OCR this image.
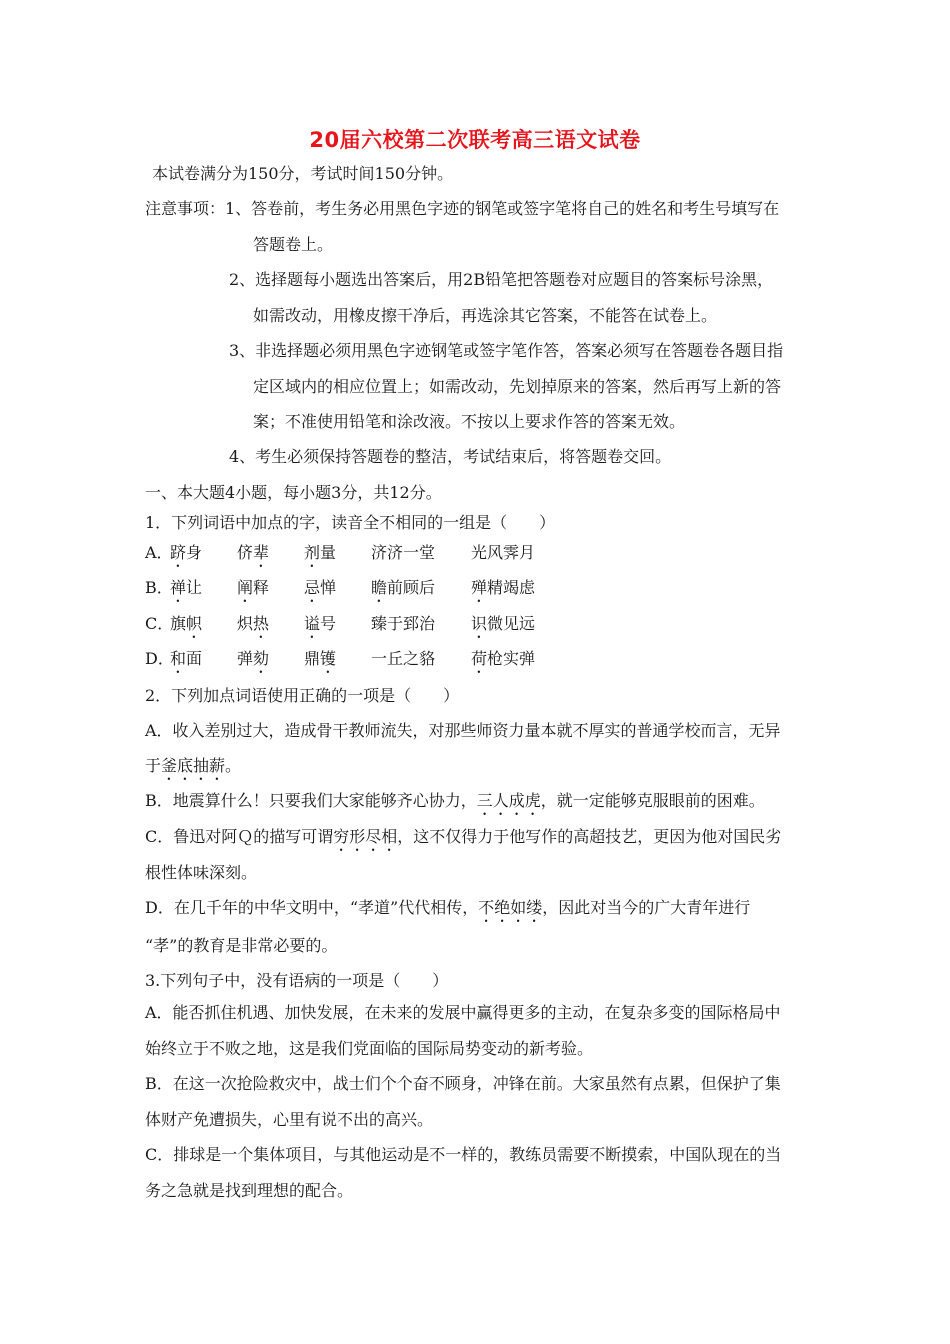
20届六校第二次联考高三语文试卷
本试卷满分为150分，考试时间150分钟。
注意事项：1、答卷前，考生务必用黑色字迹的钢笔或签字笔将自己的姓名和考生号填写在
答题卷上。
2、选择题每小题选出答案后，用2B铅笔把答题卷对应题目的答案标号涂黑，
如需改动，用橡皮擦干净后，再选涂其它答案，不能答在试卷上。
3、非选择题必须用黑色字迹钢笔或签字笔作答，答案必须写在答题卷各题目指
定区域内的相应位置上；如需改动，先划掉原来的答案，然后再写上新的答
案；不准使用铅笔和涂改液。不按以上要求作答的答案无效。
4、考生必须保持答题卷的整洁，考试结束后，将答题卷交回。
一、本大题4小题，每小题3分，共12分。
1．下列词语中加点的字，读音全不相同的一组是（　　）
A．
跻身 侪辈 剂量 济济一堂 光风霁月
B．
禅让 阐释 忌惮 瞻前顾后 殚精竭虑
C．
旗帜 炽热 谥号 臻于郅治 识微见远
D．
和面 弹劾 鼎镬 一丘之貉 荷枪实弹
2．下列加点词语使用正确的一项是（　　）
A．收入差别过大，造成骨干教师流失，对那些师资力量本就不厚实的普通学校而言，无异
于釜底抽薪。
B．地震算什么！只要我们大家能够齐心协力，三人成虎，就一定能够克服眼前的困难。
C．鲁迅对阿Ｑ的描写可谓穷形尽相，这不仅得力于他写作的高超技艺，更因为他对国民劣
根性体味深刻。
D．在几千年的中华文明中，“孝道”代代相传，不绝如缕，因此对当今的广大青年进行
“孝”的教育是非常必要的。
3.下列句子中，没有语病的一项是（　　）
A．能否抓住机遇、加快发展，在未来的发展中赢得更多的主动，在复杂多变的国际格局中
始终立于不败之地，这是我们党面临的国际局势变动的新考验。
B．在这一次抢险救灾中，战士们个个奋不顾身，冲锋在前。大家虽然有点累，但保护了集
体财产免遭损失，心里有说不出的高兴。
C．排球是一个集体项目，与其他运动是不一样的，教练员需要不断摸索，中国队现在的当
务之急就是找到理想的配合。
